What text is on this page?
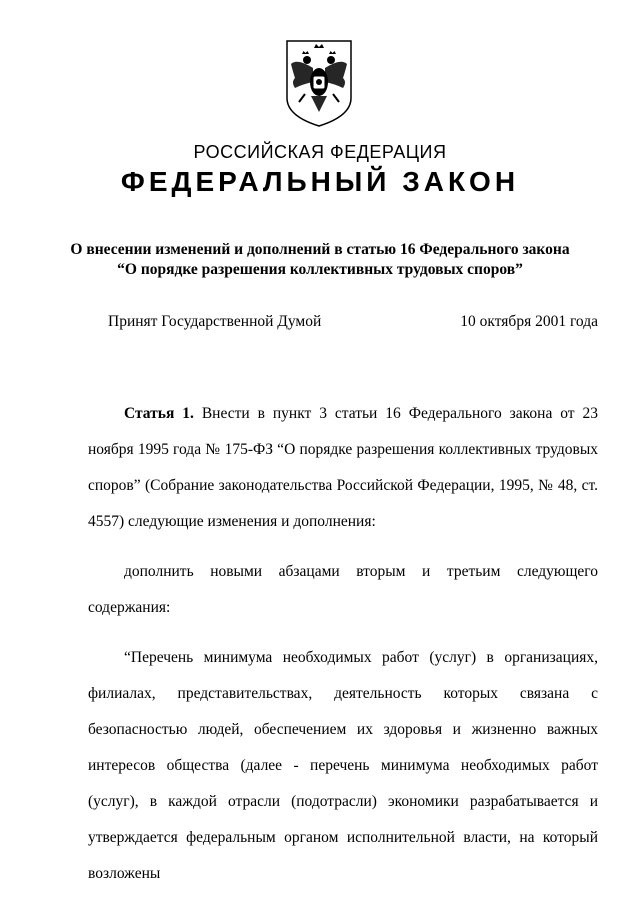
РОССИЙСКАЯ ФЕДЕРАЦИЯ
ФЕДЕРАЛЬНЫЙ ЗАКОН
О внесении изменений и дополнений в статью 16 Федерального закона
“О порядке разрешения коллективных трудовых споров”
Принят Государственной Думой	10 октября 2001 года

Статья 1. Внести в пункт 3 статьи 16 Федерального закона от 23 ноября 1995 года № 175-ФЗ “О порядке разрешения коллективных трудовых споров” (Собрание законодательства Российской Федерации, 1995, № 48, ст. 4557) следующие изменения и дополнения:

дополнить новыми абзацами вторым и третьим следующего содержания:

“Перечень минимума необходимых работ (услуг) в организациях, филиалах, представительствах, деятельность которых связана с безопасностью людей, обеспечением их здоровья и жизненно важных интересов общества (далее - перечень минимума необходимых работ (услуг), в каждой отрасли (подотрасли) экономики разрабатывается и утверждается федеральным органом исполнительной власти, на который возложены
